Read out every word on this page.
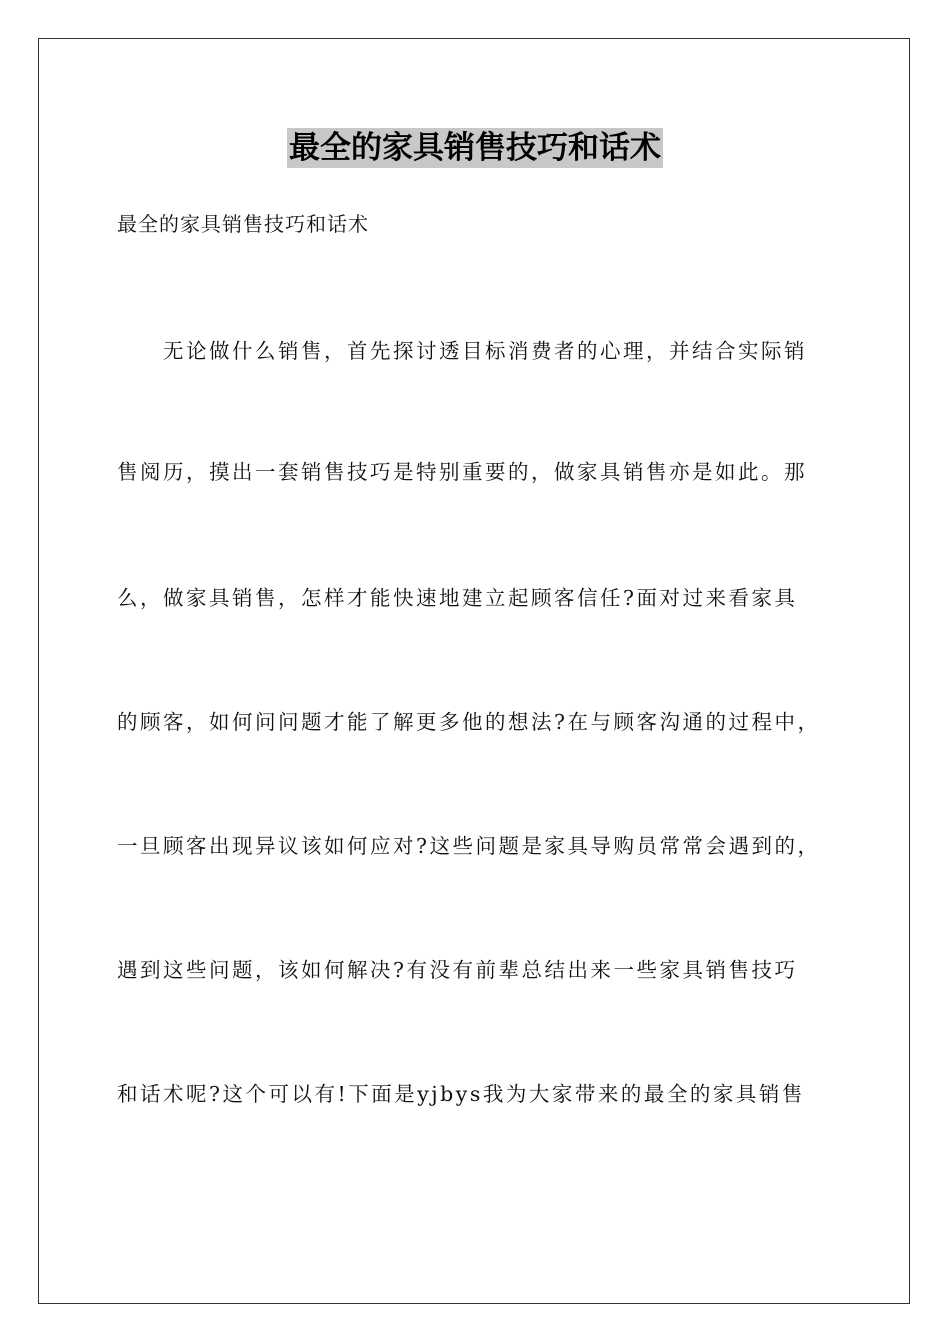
最全的家具销售技巧和话术
最全的家具销售技巧和话术
无论做什么销售，首先探讨透目标消费者的心理，并结合实际销
售阅历，摸出一套销售技巧是特别重要的，做家具销售亦是如此。那
么，做家具销售，怎样才能快速地建立起顾客信任?面对过来看家具
的顾客，如何问问题才能了解更多他的想法?在与顾客沟通的过程中，
一旦顾客出现异议该如何应对?这些问题是家具导购员常常会遇到的，
遇到这些问题，该如何解决?有没有前辈总结出来一些家具销售技巧
和话术呢?这个可以有!下面是yjbys我为大家带来的最全的家具销售
